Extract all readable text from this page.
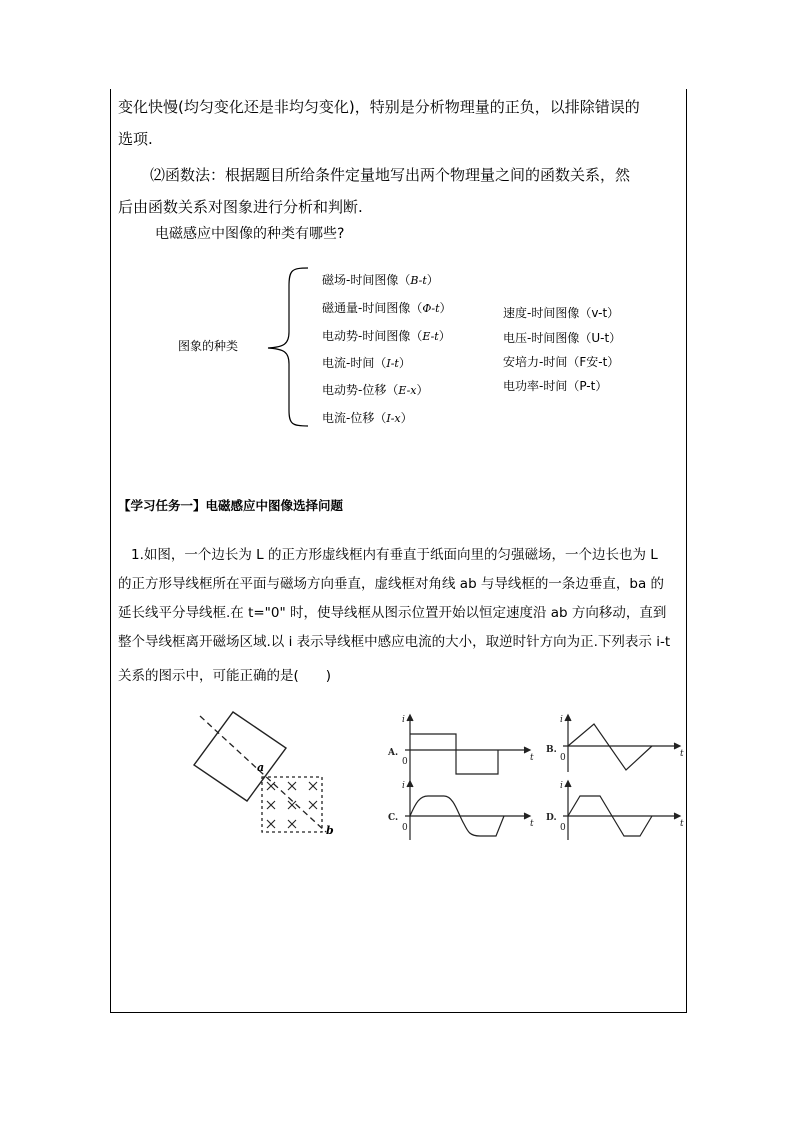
变化快慢(均匀变化还是非均匀变化)，特别是分析物理量的正负，以排除错误的
选项.
⑵函数法：根据题目所给条件定量地写出两个物理量之间的函数关系，然
后由函数关系对图象进行分析和判断.
电磁感应中图像的种类有哪些?
图象的种类
磁场-时间图像（B-t）
磁通量-时间图像（Φ-t）
电动势-时间图像（E-t）
电流-时间（I-t）
电动势-位移（E-x）
电流-位移（I-x）
速度-时间图像（v-t）
电压-时间图像（U-t）
安培力-时间（F安-t）
电功率-时间（P-t）
【学习任务一】电磁感应中图像选择问题
1.如图，一个边长为 L 的正方形虚线框内有垂直于纸面向里的匀强磁场，一个边长也为 L
的正方形导线框所在平面与磁场方向垂直，虚线框对角线 ab 与导线框的一条边垂直，ba 的
延长线平分导线框.在 t="0" 时，使导线框从图示位置开始以恒定速度沿 ab 方向移动，直到
整个导线框离开磁场区域.以 i 表示导线框中感应电流的大小，取逆时针方向为正.下列表示 i-t
关系的图示中，可能正确的是(　　)
a
b
i
t
0
A.
i
t
0
B.
i
t
0
C.
i
t
0
D.
